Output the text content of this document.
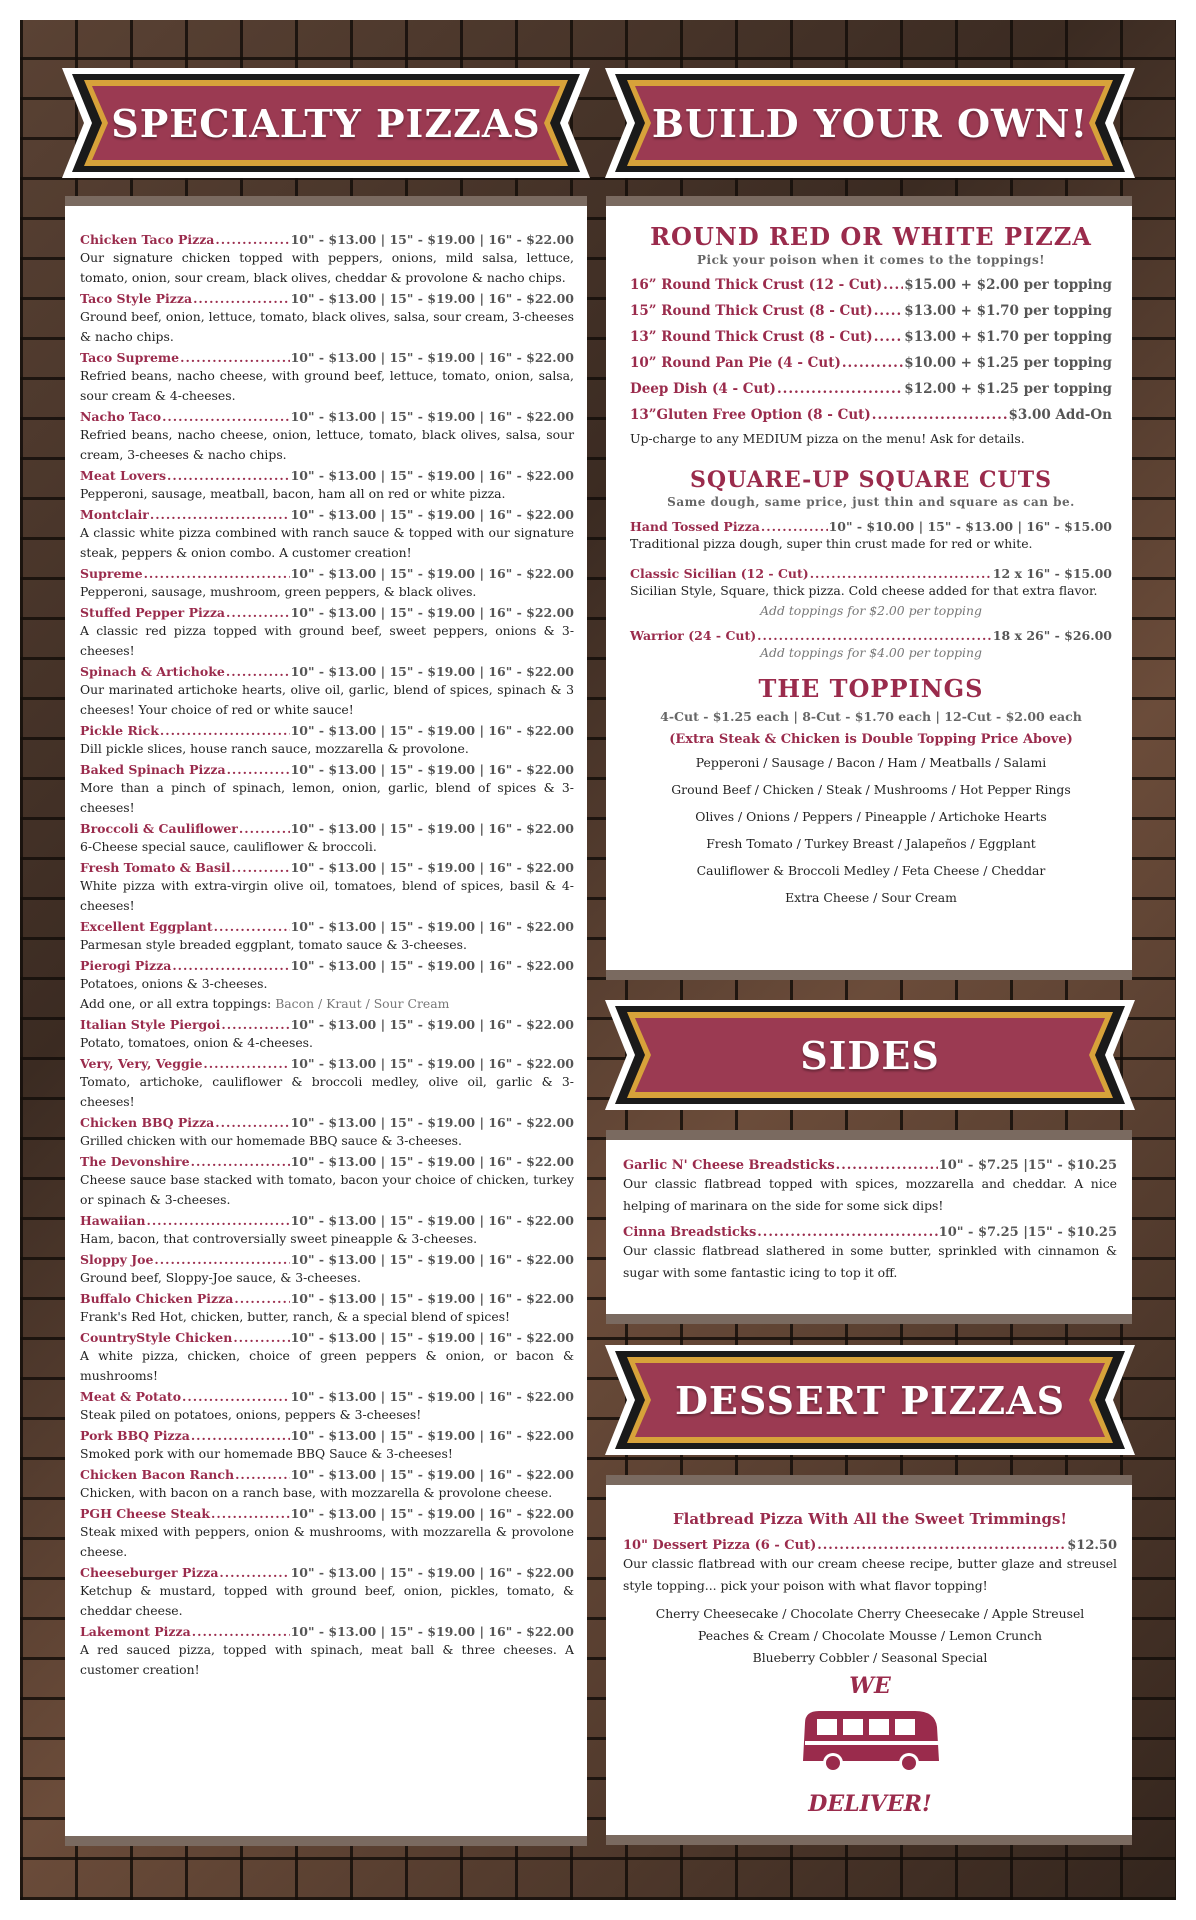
SPECIALTY PIZZAS	BUILD YOUR OWN!
SIDES
DESSERT PIZZAS
Chicken Taco Pizza .....	10" - $13.00 | 15" - $19.00 | 16" - $22.00
Our signature chicken topped with peppers, onions, mild salsa, lettuce, tomato, onion, sour cream, black olives, cheddar & provolone & nacho chips.
Taco Style Pizza .....	10" - $13.00 | 15" - $19.00 | 16" - $22.00
Ground beef, onion, lettuce, tomato, black olives, salsa, sour cream, 3-cheeses & nacho chips.
Taco Supreme .....	10" - $13.00 | 15" - $19.00 | 16" - $22.00
Refried beans, nacho cheese, with ground beef, lettuce, tomato, onion, salsa, sour cream & 4-cheeses.
Nacho Taco .....	10" - $13.00 | 15" - $19.00 | 16" - $22.00
Refried beans, nacho cheese, onion, lettuce, tomato, black olives, salsa, sour cream, 3-cheeses & nacho chips.
Meat Lovers .....	10" - $13.00 | 15" - $19.00 | 16" - $22.00
Pepperoni, sausage, meatball, bacon, ham all on red or white pizza.
Montclair .....	10" - $13.00 | 15" - $19.00 | 16" - $22.00
A classic white pizza combined with ranch sauce & topped with our signature steak, peppers & onion combo. A customer creation!
Supreme .....	10" - $13.00 | 15" - $19.00 | 16" - $22.00
Pepperoni, sausage, mushroom, green peppers, & black olives.
Stuffed Pepper Pizza .....	10" - $13.00 | 15" - $19.00 | 16" - $22.00
A classic red pizza topped with ground beef, sweet peppers, onions & 3-cheeses!
Spinach & Artichoke .....	10" - $13.00 | 15" - $19.00 | 16" - $22.00
Our marinated artichoke hearts, olive oil, garlic, blend of spices, spinach & 3 cheeses! Your choice of red or white sauce!
Pickle Rick .....	10" - $13.00 | 15" - $19.00 | 16" - $22.00
Dill pickle slices, house ranch sauce, mozzarella & provolone.
Baked Spinach Pizza .....	10" - $13.00 | 15" - $19.00 | 16" - $22.00
More than a pinch of spinach, lemon, onion, garlic, blend of spices & 3-cheeses!
Broccoli & Cauliflower .....	10" - $13.00 | 15" - $19.00 | 16" - $22.00
6-Cheese special sauce, cauliflower & broccoli.
Fresh Tomato & Basil .....	10" - $13.00 | 15" - $19.00 | 16" - $22.00
White pizza with extra-virgin olive oil, tomatoes, blend of spices, basil & 4-cheeses!
Excellent Eggplant .....	10" - $13.00 | 15" - $19.00 | 16" - $22.00
Parmesan style breaded eggplant, tomato sauce & 3-cheeses.
Pierogi Pizza .....	10" - $13.00 | 15" - $19.00 | 16" - $22.00
Potatoes, onions & 3-cheeses.
Add one, or all extra toppings: Bacon / Kraut / Sour Cream
Italian Style Piergoi .....	10" - $13.00 | 15" - $19.00 | 16" - $22.00
Potato, tomatoes, onion & 4-cheeses.
Very, Very, Veggie .....	10" - $13.00 | 15" - $19.00 | 16" - $22.00
Tomato, artichoke, cauliflower & broccoli medley, olive oil, garlic & 3-cheeses!
Chicken BBQ Pizza .....	10" - $13.00 | 15" - $19.00 | 16" - $22.00
Grilled chicken with our homemade BBQ sauce & 3-cheeses.
The Devonshire .....	10" - $13.00 | 15" - $19.00 | 16" - $22.00
Cheese sauce base stacked with tomato, bacon your choice of chicken, turkey or spinach & 3-cheeses.
Hawaiian .....	10" - $13.00 | 15" - $19.00 | 16" - $22.00
Ham, bacon, that controversially sweet pineapple & 3-cheeses.
Sloppy Joe .....	10" - $13.00 | 15" - $19.00 | 16" - $22.00
Ground beef, Sloppy-Joe sauce, & 3-cheeses.
Buffalo Chicken Pizza .....	10" - $13.00 | 15" - $19.00 | 16" - $22.00
Frank's Red Hot, chicken, butter, ranch, & a special blend of spices!
CountryStyle Chicken .....	10" - $13.00 | 15" - $19.00 | 16" - $22.00
A white pizza, chicken, choice of green peppers & onion, or bacon & mushrooms!
Meat & Potato .....	10" - $13.00 | 15" - $19.00 | 16" - $22.00
Steak piled on potatoes, onions, peppers & 3-cheeses!
Pork BBQ Pizza .....	10" - $13.00 | 15" - $19.00 | 16" - $22.00
Smoked pork with our homemade BBQ Sauce & 3-cheeses!
Chicken Bacon Ranch .....	10" - $13.00 | 15" - $19.00 | 16" - $22.00
Chicken, with bacon on a ranch base, with mozzarella & provolone cheese.
PGH Cheese Steak .....	10" - $13.00 | 15" - $19.00 | 16" - $22.00
Steak mixed with peppers, onion & mushrooms, with mozzarella & provolone cheese.
Cheeseburger Pizza .....	10" - $13.00 | 15" - $19.00 | 16" - $22.00
Ketchup & mustard, topped with ground beef, onion, pickles, tomato, & cheddar cheese.
Lakemont Pizza .....	10" - $13.00 | 15" - $19.00 | 16" - $22.00
A red sauced pizza, topped with spinach, meat ball & three cheeses. A customer creation!
ROUND RED OR WHITE PIZZA
Pick your poison when it comes to the toppings!
16” Round Thick Crust (12 - Cut) ..... $15.00 + $2.00 per topping
15” Round Thick Crust (8 - Cut) ..... $13.00 + $1.70 per topping
13” Round Thick Crust (8 - Cut) ..... $13.00 + $1.70 per topping
10” Round Pan Pie (4 - Cut) .....	$10.00 + $1.25 per topping
Deep Dish (4 - Cut) .....	$12.00 + $1.25 per topping
13”Gluten Free Option (8 - Cut) .....	$3.00 Add-On
Up-charge to any MEDIUM pizza on the menu! Ask for details.
SQUARE-UP SQUARE CUTS
Same dough, same price, just thin and square as can be.
Hand Tossed Pizza .....	10" - $10.00 | 15" - $13.00 | 16" - $15.00
Traditional pizza dough, super thin crust made for red or white.
Classic Sicilian (12 - Cut) .....	12 x 16" - $15.00
Sicilian Style, Square, thick pizza. Cold cheese added for that extra flavor.
Add toppings for $2.00 per topping
Warrior (24 - Cut) .....	18 x 26" - $26.00
Add toppings for $4.00 per topping
THE TOPPINGS
4-Cut - $1.25 each | 8-Cut - $1.70 each | 12-Cut - $2.00 each
(Extra Steak & Chicken is Double Topping Price Above)
Pepperoni / Sausage / Bacon / Ham / Meatballs / Salami
Ground Beef / Chicken / Steak / Mushrooms / Hot Pepper Rings
Olives / Onions / Peppers / Pineapple / Artichoke Hearts
Fresh Tomato / Turkey Breast / Jalapeños / Eggplant
Cauliflower & Broccoli Medley / Feta Cheese / Cheddar
Extra Cheese / Sour Cream
Garlic N' Cheese Breadsticks .....	10" - $7.25 |15" - $10.25
Our classic flatbread topped with spices, mozzarella and cheddar. A nice helping of marinara on the side for some sick dips!
Cinna Breadsticks .....	10" - $7.25 |15" - $10.25
Our classic flatbread slathered in some butter, sprinkled with cinnamon & sugar with some fantastic icing to top it off.
Flatbread Pizza With All the Sweet Trimmings!
10" Dessert Pizza (6 - Cut) .....	$12.50
Our classic flatbread with our cream cheese recipe, butter glaze and streusel style topping... pick your poison with what flavor topping!
Cherry Cheesecake / Chocolate Cherry Cheesecake / Apple Streusel
Peaches & Cream / Chocolate Mousse / Lemon Crunch
Blueberry Cobbler / Seasonal Special
WE
DELIVER!
